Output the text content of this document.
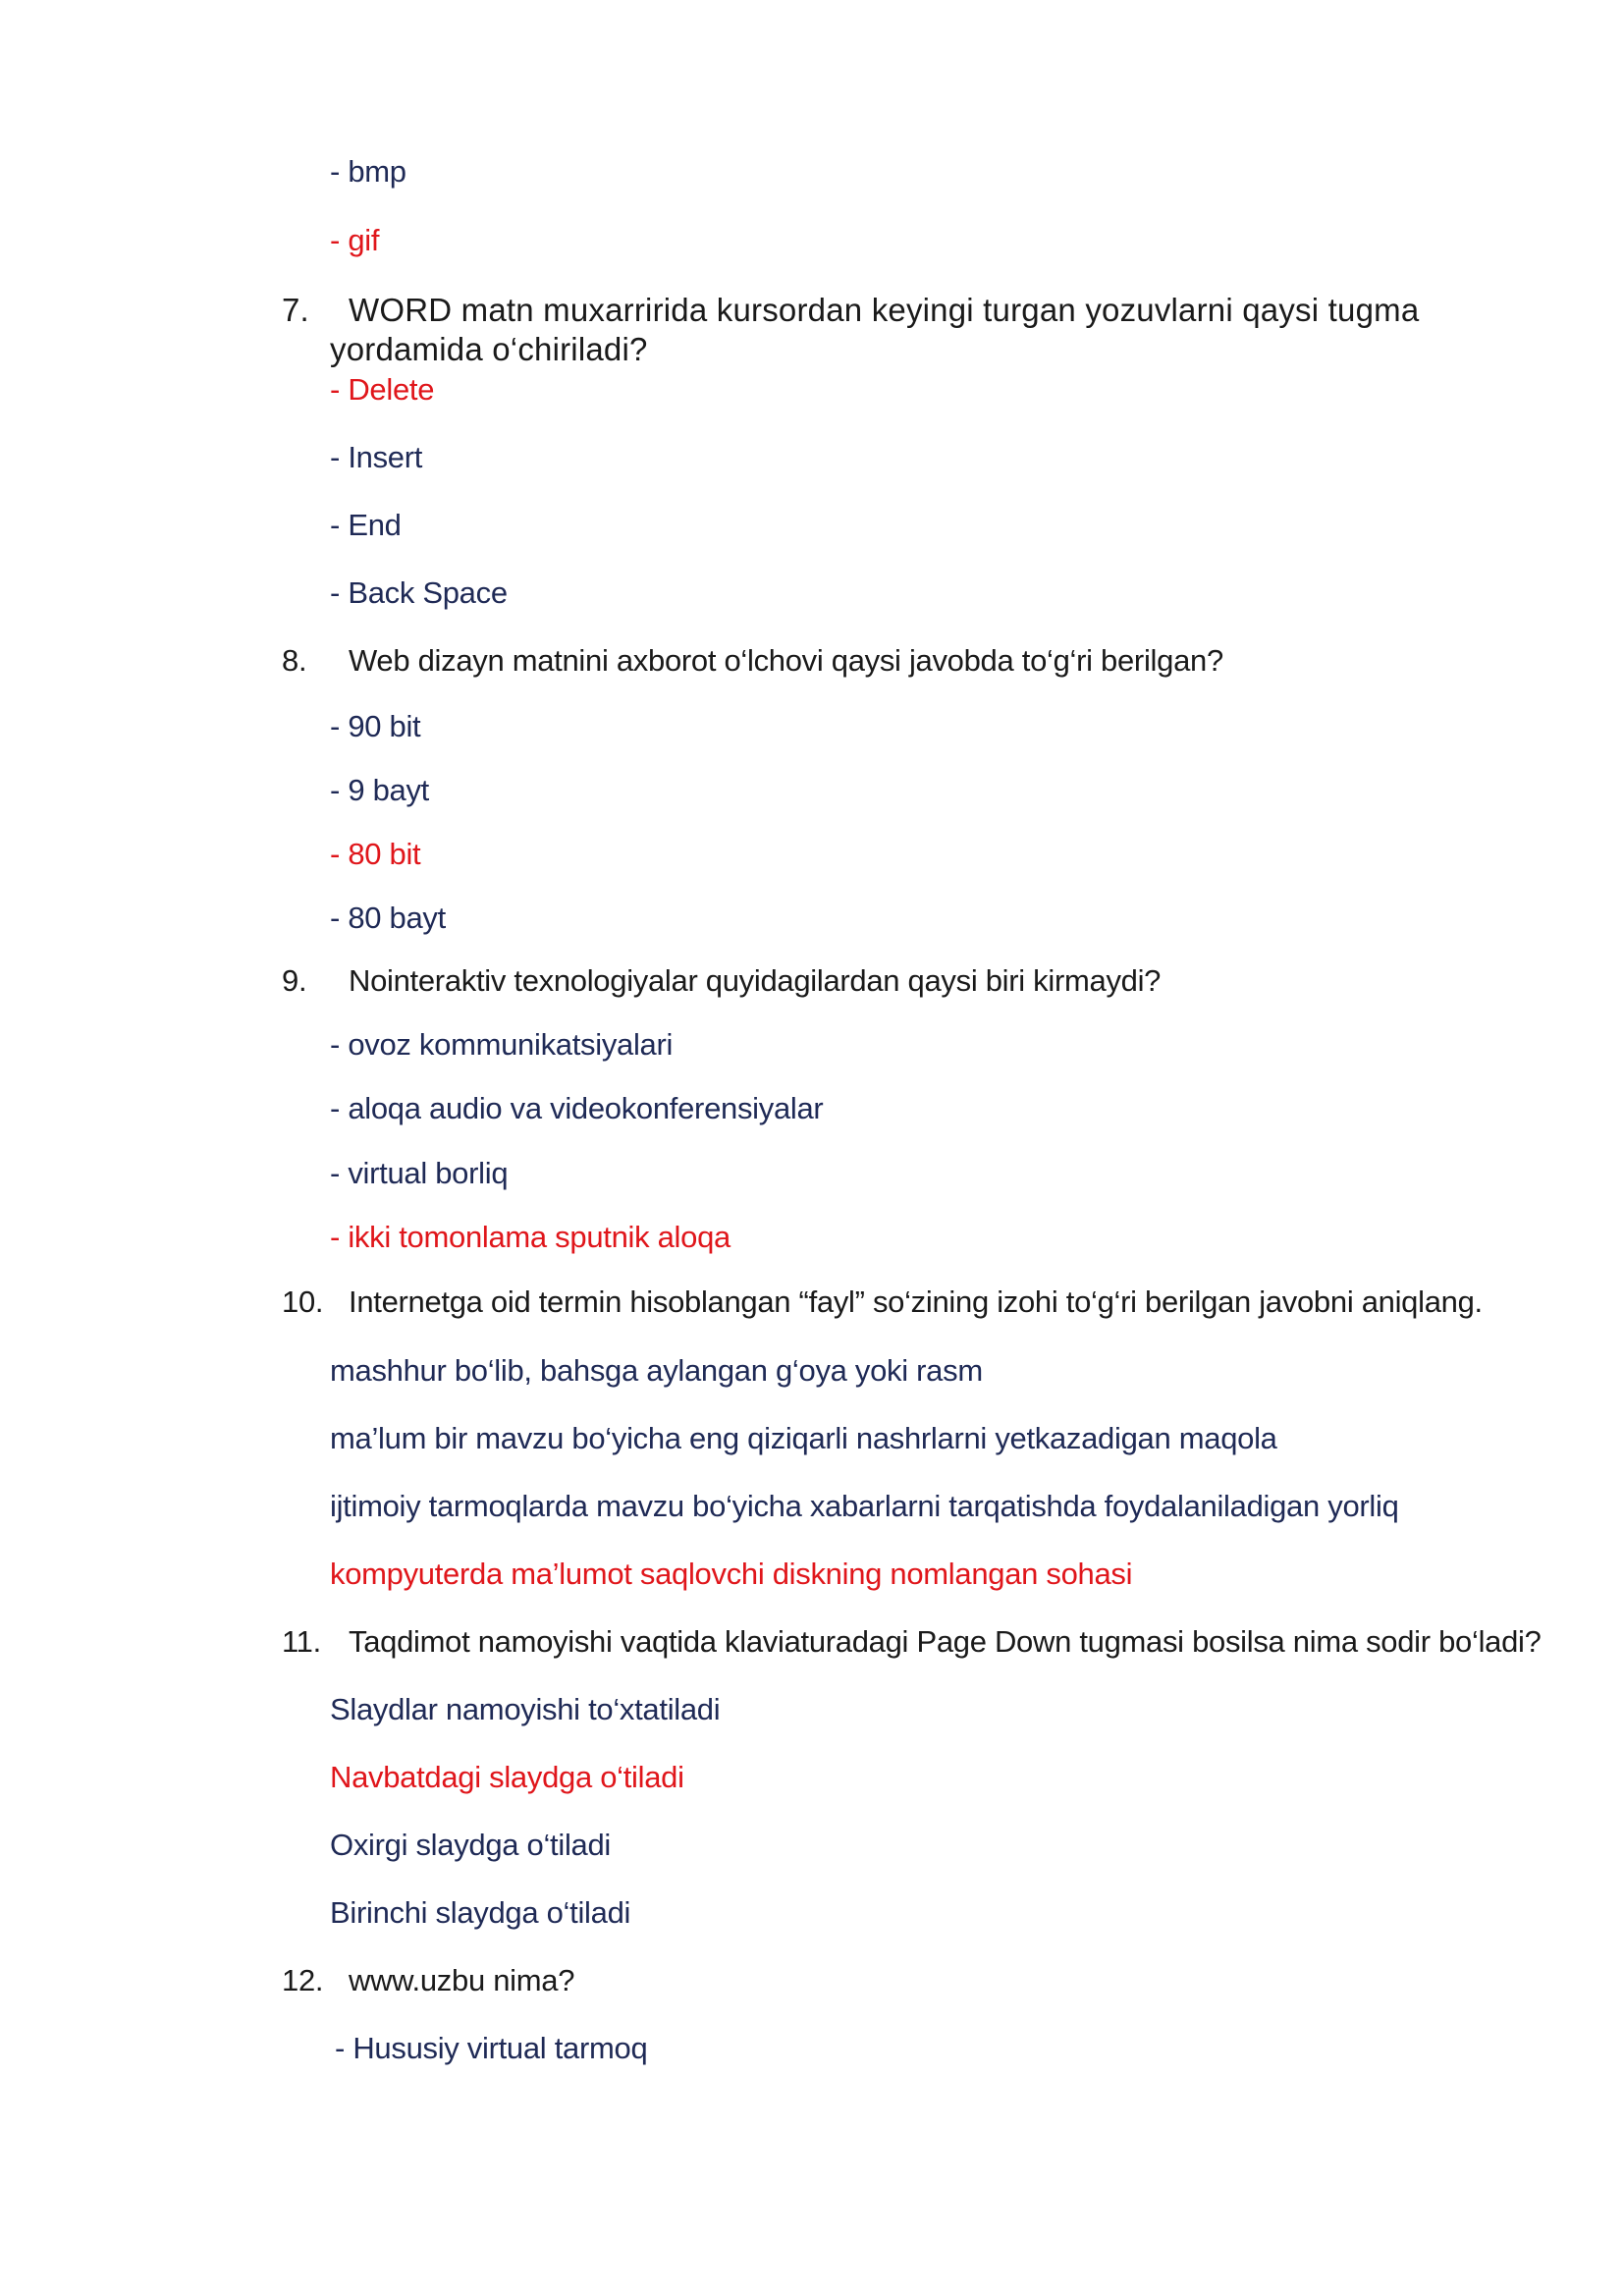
- bmp
- gif
7. WORD matn muxarririda kursordan keyingi turgan yozuvlarni qaysi tugma
yordamida o‘chiriladi?
- Delete
- Insert
- End
- Back Space
8. Web dizayn matnini axborot o‘lchovi qaysi javobda to‘g‘ri berilgan?
- 90 bit
- 9 bayt
- 80 bit
- 80 bayt
9. Nointeraktiv texnologiyalar quyidagilardan qaysi biri kirmaydi?
- ovoz kommunikatsiyalari
- aloqa audio va videokonferensiyalar
- virtual borliq
- ikki tomonlama sputnik aloqa
10. Internetga oid termin hisoblangan “fayl” so‘zining izohi to‘g‘ri berilgan javobni aniqlang.
mashhur bo‘lib, bahsga aylangan g‘oya yoki rasm
ma’lum bir mavzu bo‘yicha eng qiziqarli nashrlarni yetkazadigan maqola
ijtimoiy tarmoqlarda mavzu bo‘yicha xabarlarni tarqatishda foydalaniladigan yorliq
kompyuterda ma’lumot saqlovchi diskning nomlangan sohasi
11. Taqdimot namoyishi vaqtida klaviaturadagi Page Down tugmasi bosilsa nima sodir bo‘ladi?
Slaydlar namoyishi to‘xtatiladi
Navbatdagi slaydga o‘tiladi
Oxirgi slaydga o‘tiladi
Birinchi slaydga o‘tiladi
12. www.uzbu nima?
- Hususiy virtual tarmoq
